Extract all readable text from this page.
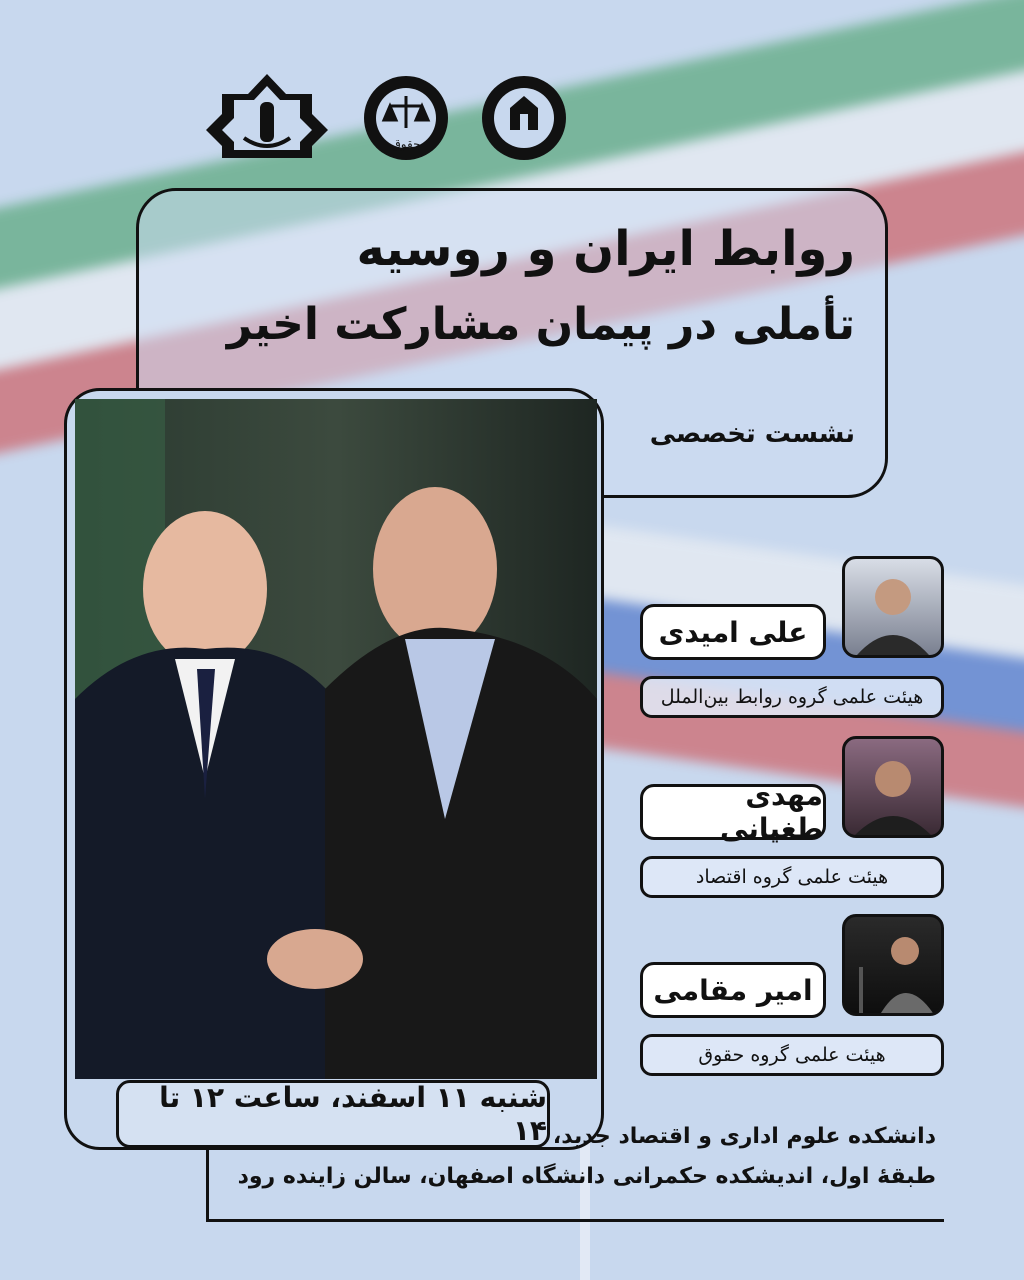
حقوق
روابط ایران و روسیه
تأملی در پیمان مشارکت اخیر

نشست تخصصی

علی امیدی
هیئت علمی گروه روابط بین‌الملل
مهدی طغیانی
هیئت علمی گروه اقتصاد
امیر مقامی
هیئت علمی گروه حقوق

دانشکده علوم اداری و اقتصاد جدید،

طبقهٔ اول، اندیشکده حکمرانی دانشگاه اصفهان، سالن زاینده رود

شنبه ۱۱ اسفند، ساعت ۱۲ تا ۱۴
